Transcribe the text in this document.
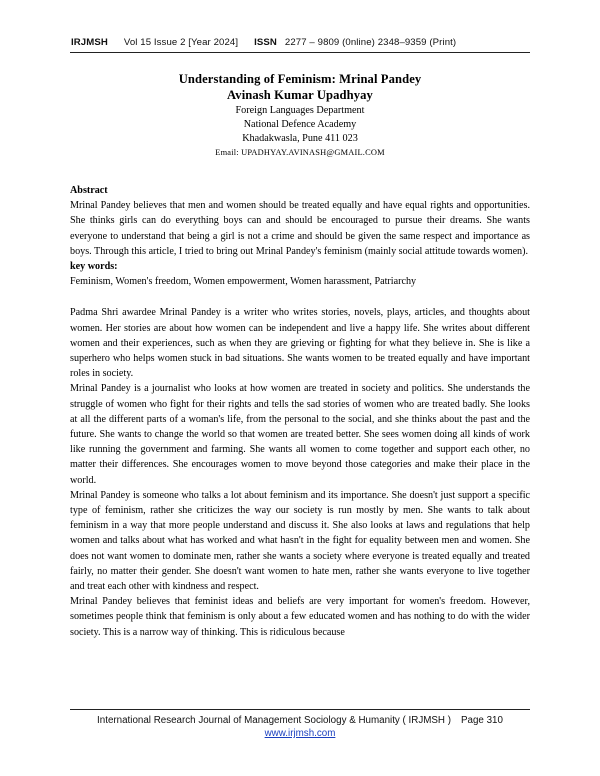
IRJMSH Vol 15 Issue 2 [Year 2024] ISSN 2277 – 9809 (0nline) 2348–9359 (Print)
Understanding of Feminism: Mrinal Pandey
Avinash Kumar Upadhyay
Foreign Languages Department
National Defence Academy
Khadakwasla, Pune 411 023
Email: UPADHYAY.AVINASH@GMAIL.COM

Abstract

Mrinal Pandey believes that men and women should be treated equally and have equal rights and opportunities. She thinks girls can do everything boys can and should be encouraged to pursue their dreams. She wants everyone to understand that being a girl is not a crime and should be given the same respect and importance as boys. Through this article, I tried to bring out Mrinal Pandey's feminism (mainly social attitude towards women).

key words:

Feminism, Women's freedom, Women empowerment, Women harassment, Patriarchy

Padma Shri awardee Mrinal Pandey is a writer who writes stories, novels, plays, articles, and thoughts about women. Her stories are about how women can be independent and live a happy life. She writes about different women and their experiences, such as when they are grieving or fighting for what they believe in. She is like a superhero who helps women stuck in bad situations. She wants women to be treated equally and have important roles in society.

Mrinal Pandey is a journalist who looks at how women are treated in society and politics. She understands the struggle of women who fight for their rights and tells the sad stories of women who are treated badly. She looks at all the different parts of a woman's life, from the personal to the social, and she thinks about the past and the future. She wants to change the world so that women are treated better. She sees women doing all kinds of work like running the government and farming. She wants all women to come together and support each other, no matter their differences. She encourages women to move beyond those categories and make their place in the world.

Mrinal Pandey is someone who talks a lot about feminism and its importance. She doesn't just support a specific type of feminism, rather she criticizes the way our society is run mostly by men. She wants to talk about feminism in a way that more people understand and discuss it. She also looks at laws and regulations that help women and talks about what has worked and what hasn't in the fight for equality between men and women. She does not want women to dominate men, rather she wants a society where everyone is treated equally and treated fairly, no matter their gender. She doesn't want women to hate men, rather she wants everyone to live together and treat each other with kindness and respect.

Mrinal Pandey believes that feminist ideas and beliefs are very important for women's freedom. However, sometimes people think that feminism is only about a few educated women and has nothing to do with the wider society. This is a narrow way of thinking. This is ridiculous because

International Research Journal of Management Sociology & Humanity ( IRJMSH ) Page 310
www.irjmsh.com
